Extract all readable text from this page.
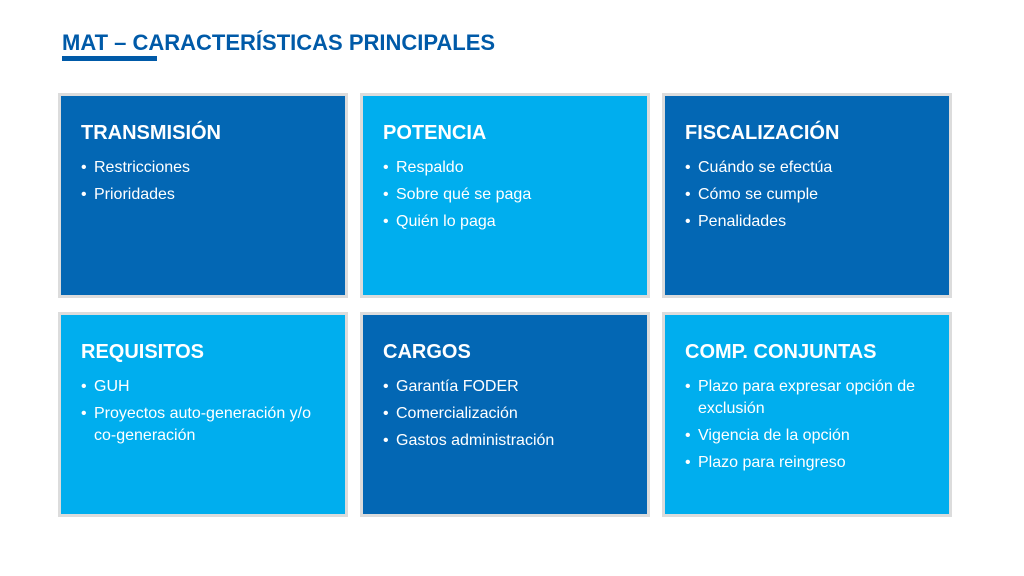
MAT – CARACTERÍSTICAS PRINCIPALES
TRANSMISIÓN
• Restricciones
• Prioridades
POTENCIA
• Respaldo
• Sobre qué se paga
• Quién lo paga
FISCALIZACIÓN
• Cuándo se efectúa
• Cómo se cumple
• Penalidades
REQUISITOS
• GUH
• Proyectos auto-generación y/o co-generación
CARGOS
• Garantía FODER
• Comercialización
• Gastos administración
COMP. CONJUNTAS
• Plazo para expresar opción de exclusión
• Vigencia de la opción
• Plazo para reingreso
